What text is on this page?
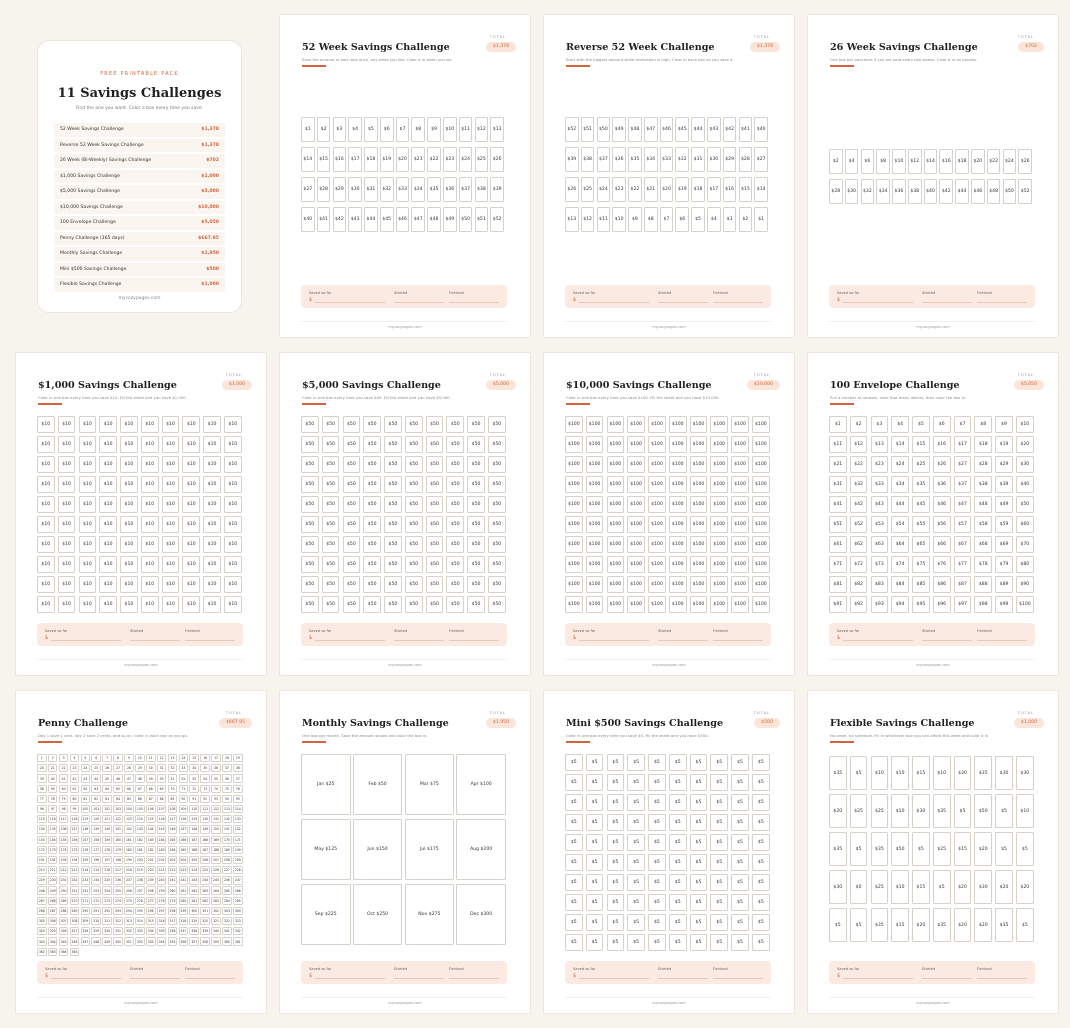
FREE PRINTABLE PACK
11 Savings Challenges
Find the one you want. Color a box every time you save.
52 Week Savings Challenge	$1,378
Reverse 52 Week Savings Challenge	$1,378
26 Week (Bi-Weekly) Savings Challenge	$702
$1,000 Savings Challenge	$1,000
$5,000 Savings Challenge	$5,000
$10,000 Savings Challenge	$10,000
100 Envelope Challenge	$5,050
Penny Challenge (365 days)	$667.95
Monthly Savings Challenge	$1,950
Mini $500 Savings Challenge	$500
Flexible Savings Challenge	$1,000
mycozypages.com
52 Week Savings Challenge
Save the amount in each box once, any week you like. Color it in when you do.
TOTAL
$1,378
$1	$2	$3	$4	$5	$6	$7	$8	$9	$10	$11	$12	$13
$14	$15	$16	$17	$18	$19	$20	$21	$22	$23	$24	$25	$26
$27	$28	$29	$30	$31	$32	$33	$34	$35	$36	$37	$38	$39
$40	$41	$42	$43	$44	$45	$46	$47	$48	$49	$50	$51	$52
Saved so far	Started	Finished
$
mycozypages.com
Reverse 52 Week Challenge
Start with the biggest amount while motivation is high. Color in each box as you save it.
TOTAL
$1,378
$52	$51	$50	$49	$48	$47	$46	$45	$44	$43	$42	$41	$40
$39	$38	$37	$36	$35	$34	$33	$32	$31	$30	$29	$28	$27
$26	$25	$24	$23	$22	$21	$20	$19	$18	$17	$16	$15	$14
$13	$12	$11	$10	$9	$8	$7	$6	$5	$4	$3	$2	$1
Saved so far	Started	Finished
$
mycozypages.com
26 Week Savings Challenge
One box per paycheck if you are paid every two weeks. Color it in on payday.
TOTAL
$702
$2	$4	$6	$8	$10	$12	$14	$16	$18	$20	$22	$24	$26
$28	$30	$32	$34	$36	$38	$40	$42	$44	$46	$48	$50	$52
Saved so far	Started	Finished
$
mycozypages.com
$1,000 Savings Challenge
Color in one box every time you save $10. Fill the sheet and you have $1,000.
TOTAL
$1,000
$10	$10	$10	$10	$10	$10	$10	$10	$10	$10
$10	$10	$10	$10	$10	$10	$10	$10	$10	$10
$10	$10	$10	$10	$10	$10	$10	$10	$10	$10
$10	$10	$10	$10	$10	$10	$10	$10	$10	$10
$10	$10	$10	$10	$10	$10	$10	$10	$10	$10
$10	$10	$10	$10	$10	$10	$10	$10	$10	$10
$10	$10	$10	$10	$10	$10	$10	$10	$10	$10
$10	$10	$10	$10	$10	$10	$10	$10	$10	$10
$10	$10	$10	$10	$10	$10	$10	$10	$10	$10
$10	$10	$10	$10	$10	$10	$10	$10	$10	$10
Saved so far	Started	Finished
$
mycozypages.com
$5,000 Savings Challenge
Color in one box every time you save $50. Fill the sheet and you have $5,000.
TOTAL
$5,000
$50	$50	$50	$50	$50	$50	$50	$50	$50	$50
$50	$50	$50	$50	$50	$50	$50	$50	$50	$50
$50	$50	$50	$50	$50	$50	$50	$50	$50	$50
$50	$50	$50	$50	$50	$50	$50	$50	$50	$50
$50	$50	$50	$50	$50	$50	$50	$50	$50	$50
$50	$50	$50	$50	$50	$50	$50	$50	$50	$50
$50	$50	$50	$50	$50	$50	$50	$50	$50	$50
$50	$50	$50	$50	$50	$50	$50	$50	$50	$50
$50	$50	$50	$50	$50	$50	$50	$50	$50	$50
$50	$50	$50	$50	$50	$50	$50	$50	$50	$50
Saved so far	Started	Finished
$
mycozypages.com
$10,000 Savings Challenge
Color in one box every time you save $100. Fill the sheet and you have $10,000.
TOTAL
$10,000
$100	$100	$100	$100	$100	$100	$100	$100	$100	$100
$100	$100	$100	$100	$100	$100	$100	$100	$100	$100
$100	$100	$100	$100	$100	$100	$100	$100	$100	$100
$100	$100	$100	$100	$100	$100	$100	$100	$100	$100
$100	$100	$100	$100	$100	$100	$100	$100	$100	$100
$100	$100	$100	$100	$100	$100	$100	$100	$100	$100
$100	$100	$100	$100	$100	$100	$100	$100	$100	$100
$100	$100	$100	$100	$100	$100	$100	$100	$100	$100
$100	$100	$100	$100	$100	$100	$100	$100	$100	$100
$100	$100	$100	$100	$100	$100	$100	$100	$100	$100
Saved so far	Started	Finished
$
mycozypages.com
100 Envelope Challenge
Pull a number at random, save that many dollars, then color the box in.
TOTAL
$5,050
$1	$2	$3	$4	$5	$6	$7	$8	$9	$10
$11	$12	$13	$14	$15	$16	$17	$18	$19	$20
$21	$22	$23	$24	$25	$26	$27	$28	$29	$30
$31	$32	$33	$34	$35	$36	$37	$38	$39	$40
$41	$42	$43	$44	$45	$46	$47	$48	$49	$50
$51	$52	$53	$54	$55	$56	$57	$58	$59	$60
$61	$62	$63	$64	$65	$66	$67	$68	$69	$70
$71	$72	$73	$74	$75	$76	$77	$78	$79	$80
$81	$82	$83	$84	$85	$86	$87	$88	$89	$90
$91	$92	$93	$94	$95	$96	$97	$98	$99	$100
Saved so far	Started	Finished
$
mycozypages.com
Penny Challenge
Day 1 save 1 cent, day 2 save 2 cents, and so on. Color in each day as you go.
TOTAL
$667.95
1	2	3	4	5	6	7	8	9	10	11	12	13	14	15	16	17	18	19
20	21	22	23	24	25	26	27	28	29	30	31	32	33	34	35	36	37	38
39	40	41	42	43	44	45	46	47	48	49	50	51	52	53	54	55	56	57
58	59	60	61	62	63	64	65	66	67	68	69	70	71	72	73	74	75	76
77	78	79	80	81	82	83	84	85	86	87	88	89	90	91	92	93	94	95
96	97	98	99	100	101	102	103	104	105	106	107	108	109	110	111	112	113	114
115	116	117	118	119	120	121	122	123	124	125	126	127	128	129	130	131	132	133
134	135	136	137	138	139	140	141	142	143	144	145	146	147	148	149	150	151	152
153	154	155	156	157	158	159	160	161	162	163	164	165	166	167	168	169	170	171
172	173	174	175	176	177	178	179	180	181	182	183	184	185	186	187	188	189	190
191	192	193	194	195	196	197	198	199	200	201	202	203	204	205	206	207	208	209
210	211	212	213	214	215	216	217	218	219	220	221	222	223	224	225	226	227	228
229	230	231	232	233	234	235	236	237	238	239	240	241	242	243	244	245	246	247
248	249	250	251	252	253	254	255	256	257	258	259	260	261	262	263	264	265	266
267	268	269	270	271	272	273	274	275	276	277	278	279	280	281	282	283	284	285
286	287	288	289	290	291	292	293	294	295	296	297	298	299	300	301	302	303	304
305	306	307	308	309	310	311	312	313	314	315	316	317	318	319	320	321	322	323
324	325	326	327	328	329	330	331	332	333	334	335	336	337	338	339	340	341	342
343	344	345	346	347	348	349	350	351	352	353	354	355	356	357	358	359	360	361
362	363	364	365
Saved so far	Started	Finished
$
mycozypages.com
Monthly Savings Challenge
One box per month. Save the amount shown and color the box in.
TOTAL
$1,950
Jan $25	Feb $50	Mar $75	Apr $100
May $125	Jun $150	Jul $175	Aug $200
Sep $225	Oct $250	Nov $275	Dec $300
Saved so far	Started	Finished
$
mycozypages.com
Mini $500 Savings Challenge
Color in one box every time you save $5. Fill the sheet and you have $500.
TOTAL
$500
$5	$5	$5	$5	$5	$5	$5	$5	$5	$5
$5	$5	$5	$5	$5	$5	$5	$5	$5	$5
$5	$5	$5	$5	$5	$5	$5	$5	$5	$5
$5	$5	$5	$5	$5	$5	$5	$5	$5	$5
$5	$5	$5	$5	$5	$5	$5	$5	$5	$5
$5	$5	$5	$5	$5	$5	$5	$5	$5	$5
$5	$5	$5	$5	$5	$5	$5	$5	$5	$5
$5	$5	$5	$5	$5	$5	$5	$5	$5	$5
$5	$5	$5	$5	$5	$5	$5	$5	$5	$5
$5	$5	$5	$5	$5	$5	$5	$5	$5	$5
Saved so far	Started	Finished
$
mycozypages.com
Flexible Savings Challenge
No order, no schedule. Fill in whichever box you can afford this week and color it in.
TOTAL
$1,000
$35	$5	$10	$10	$15	$10	$30	$35	$30	$30
$20	$25	$25	$10	$30	$35	$5	$50	$5	$10
$35	$5	$35	$50	$5	$25	$15	$20	$5	$5
$30	$0	$25	$10	$15	$5	$20	$30	$20	$20
$5	$5	$35	$15	$20	$35	$20	$20	$35	$5
Saved so far	Started	Finished
$
mycozypages.com
